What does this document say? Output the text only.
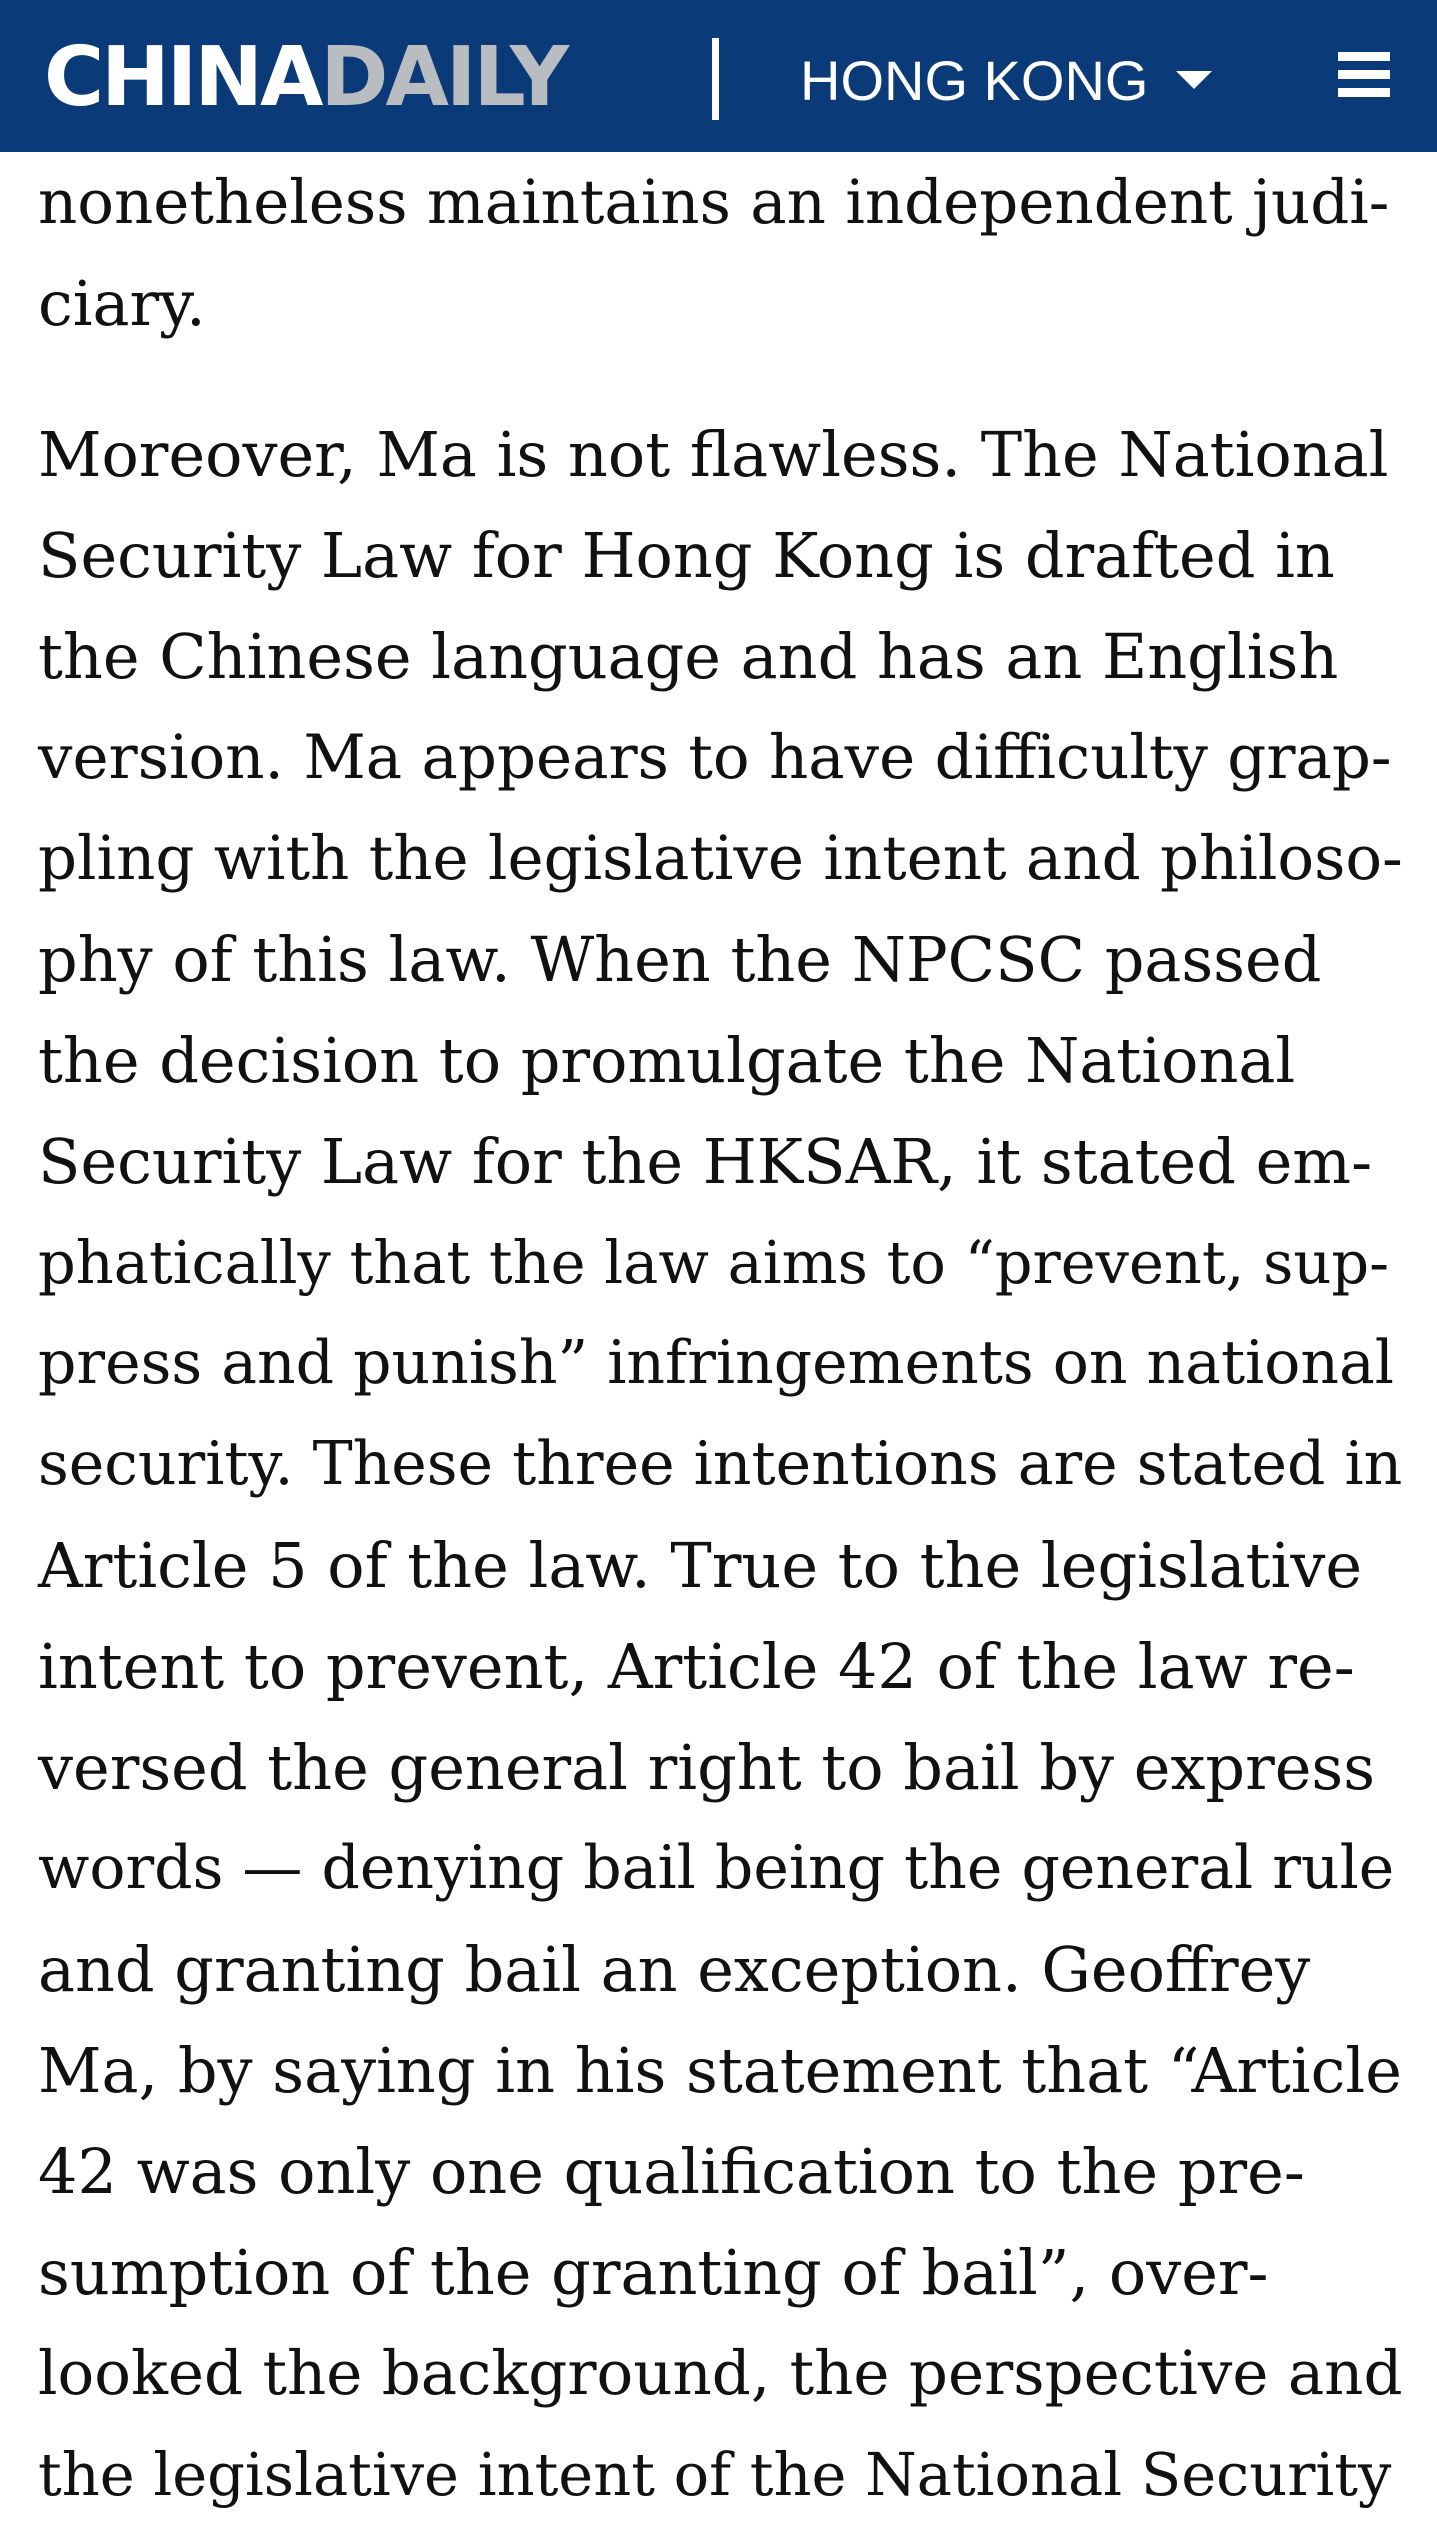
CHINADAILY	HONG KONG

nonetheless maintains an independent judi-
ciary.

Moreover, Ma is not flawless. The National
Security Law for Hong Kong is drafted in
the Chinese language and has an English
version. Ma appears to have difficulty grap-
pling with the legislative intent and philoso-
phy of this law. When the NPCSC passed
the decision to promulgate the National
Security Law for the HKSAR, it stated em-
phatically that the law aims to “prevent, sup-
press and punish” infringements on national
security. These three intentions are stated in
Article 5 of the law. True to the legislative
intent to prevent, Article 42 of the law re-
versed the general right to bail by express
words — denying bail being the general rule
and granting bail an exception. Geoffrey
Ma, by saying in his statement that “Article
42 was only one qualification to the pre-
sumption of the granting of bail”, over-
looked the background, the perspective and
the legislative intent of the National Security
